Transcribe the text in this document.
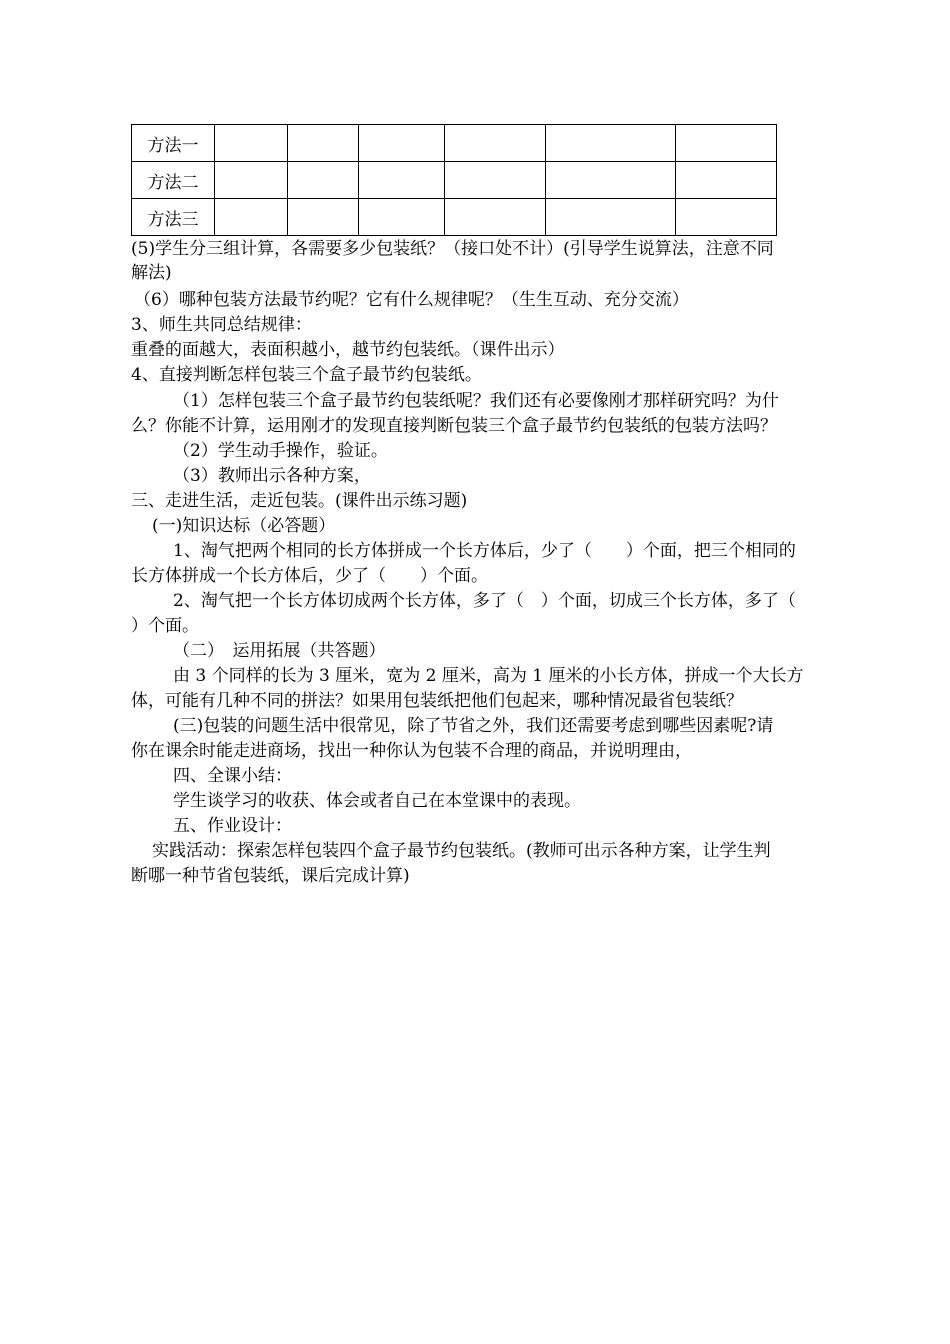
方法一						
方法二						
方法三						
(5)学生分三组计算，各需要多少包装纸？（接口处不计）(引导学生说算法，注意不同
解法)
（6）哪种包装方法最节约呢？它有什么规律呢？（生生互动、充分交流）
3、师生共同总结规律：
重叠的面越大，表面积越小，越节约包装纸。（课件出示）
4、直接判断怎样包装三个盒子最节约包装纸。
（1）怎样包装三个盒子最节约包装纸呢？我们还有必要像刚才那样研究吗？为什
么？你能不计算，运用刚才的发现直接判断包装三个盒子最节约包装纸的包装方法吗？
（2）学生动手操作，验证。
（3）教师出示各种方案，
三、走进生活，走近包装。(课件出示练习题)
(一)知识达标（必答题）
1、淘气把两个相同的长方体拼成一个长方体后，少了（　　）个面，把三个相同的
长方体拼成一个长方体后，少了（　　）个面。
2、淘气把一个长方体切成两个长方体，多了（　）个面，切成三个长方体，多了（
）个面。
（二）　运用拓展（共答题）
由 3 个同样的长为 3 厘米，宽为 2 厘米，高为 1 厘米的小长方体，拼成一个大长方
体，可能有几种不同的拼法？如果用包装纸把他们包起来，哪种情况最省包装纸？
(三)包装的问题生活中很常见，除了节省之外，我们还需要考虑到哪些因素呢?请
你在课余时能走进商场，找出一种你认为包装不合理的商品，并说明理由，
四、全课小结：
学生谈学习的收获、体会或者自己在本堂课中的表现。
五、作业设计：
实践活动：探索怎样包装四个盒子最节约包装纸。(教师可出示各种方案，让学生判
断哪一种节省包装纸，课后完成计算)
